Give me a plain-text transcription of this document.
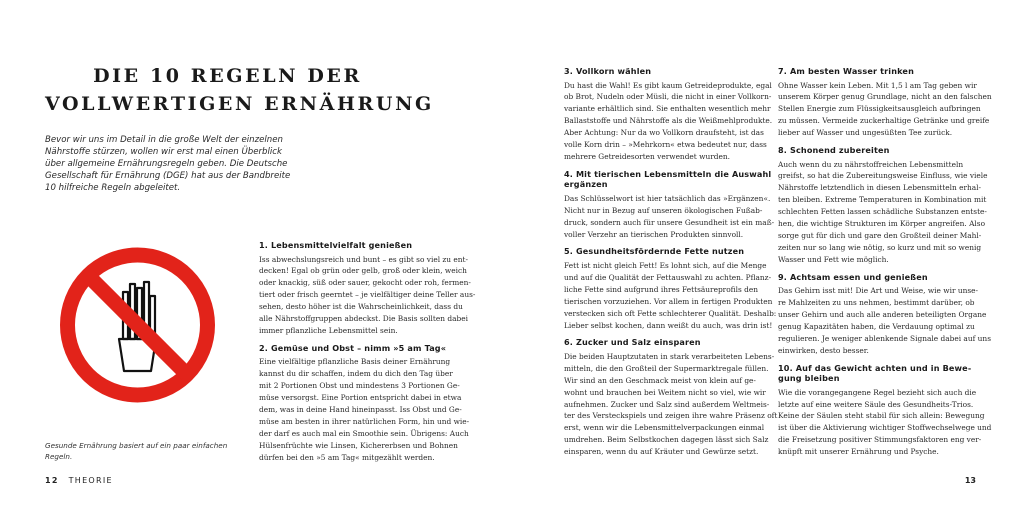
DIE 10 REGELN DER
VOLLWERTIGEN ERNÄHRUNG
Bevor wir uns im Detail in die große Welt der einzelnen
Nährstoffe stürzen, wollen wir erst mal einen Überblick
über allgemeine Ernährungsregeln geben. Die Deutsche
Gesellschaft für Ernährung (DGE) hat aus der Bandbreite
10 hilfreiche Regeln abgeleitet.
Gesunde Ernährung basiert auf ein paar einfachen
Regeln.
1. Lebensmittelvielfalt genießen
Iss abwechslungsreich und bunt – es gibt so viel zu ent-
decken! Egal ob grün oder gelb, groß oder klein, weich
oder knackig, süß oder sauer, gekocht oder roh, fermen-
tiert oder frisch geerntet – je vielfältiger deine Teller aus-
sehen, desto höher ist die Wahrscheinlichkeit, dass du
alle Nährstoffgruppen abdeckst. Die Basis sollten dabei
immer pflanzliche Lebensmittel sein.
2. Gemüse und Obst – nimm »5 am Tag«
Eine vielfältige pflanzliche Basis deiner Ernährung
kannst du dir schaffen, indem du dich den Tag über
mit 2 Portionen Obst und mindestens 3 Portionen Ge-
müse versorgst. Eine Portion entspricht dabei in etwa
dem, was in deine Hand hineinpasst. Iss Obst und Ge-
müse am besten in ihrer natürlichen Form, hin und wie-
der darf es auch mal ein Smoothie sein. Übrigens: Auch
Hülsenfrüchte wie Linsen, Kichererbsen und Bohnen
dürfen bei den »5 am Tag« mitgezählt werden.
3. Vollkorn wählen
Du hast die Wahl! Es gibt kaum Getreideprodukte, egal
ob Brot, Nudeln oder Müsli, die nicht in einer Vollkorn-
variante erhältlich sind. Sie enthalten wesentlich mehr
Ballaststoffe und Nährstoffe als die Weißmehlprodukte.
Aber Achtung: Nur da wo Vollkorn draufsteht, ist das
volle Korn drin – »Mehrkorn« etwa bedeutet nur, dass
mehrere Getreidesorten verwendet wurden.
4. Mit tierischen Lebensmitteln die Auswahl
ergänzen
Das Schlüsselwort ist hier tatsächlich das »Ergänzen«.
Nicht nur in Bezug auf unseren ökologischen Fußab-
druck, sondern auch für unsere Gesundheit ist ein maß-
voller Verzehr an tierischen Produkten sinnvoll.
5. Gesundheitsfördernde Fette nutzen
Fett ist nicht gleich Fett! Es lohnt sich, auf die Menge
und auf die Qualität der Fettauswahl zu achten. Pflanz-
liche Fette sind aufgrund ihres Fettsäureprofils den
tierischen vorzuziehen. Vor allem in fertigen Produkten
verstecken sich oft Fette schlechterer Qualität. Deshalb:
Lieber selbst kochen, dann weißt du auch, was drin ist!
6. Zucker und Salz einsparen
Die beiden Hauptzutaten in stark verarbeiteten Lebens-
mitteln, die den Großteil der Supermarktregale füllen.
Wir sind an den Geschmack meist von klein auf ge-
wohnt und brauchen bei Weitem nicht so viel, wie wir
aufnehmen. Zucker und Salz sind außerdem Weltmeis-
ter des Versteckspiels und zeigen ihre wahre Präsenz oft
erst, wenn wir die Lebensmittelverpackungen einmal
umdrehen. Beim Selbstkochen dagegen lässt sich Salz
einsparen, wenn du auf Kräuter und Gewürze setzt.
7. Am besten Wasser trinken
Ohne Wasser kein Leben. Mit 1,5 l am Tag geben wir
unserem Körper genug Grundlage, nicht an den falschen
Stellen Energie zum Flüssigkeitsausgleich aufbringen
zu müssen. Vermeide zuckerhaltige Getränke und greife
lieber auf Wasser und ungesüßten Tee zurück.
8. Schonend zubereiten
Auch wenn du zu nährstoffreichen Lebensmitteln
greifst, so hat die Zubereitungsweise Einfluss, wie viele
Nährstoffe letztendlich in diesen Lebensmitteln erhal-
ten bleiben. Extreme Temperaturen in Kombination mit
schlechten Fetten lassen schädliche Substanzen entste-
hen, die wichtige Strukturen im Körper angreifen. Also
sorge gut für dich und gare den Großteil deiner Mahl-
zeiten nur so lang wie nötig, so kurz und mit so wenig
Wasser und Fett wie möglich.
9. Achtsam essen und genießen
Das Gehirn isst mit! Die Art und Weise, wie wir unse-
re Mahlzeiten zu uns nehmen, bestimmt darüber, ob
unser Gehirn und auch alle anderen beteiligten Organe
genug Kapazitäten haben, die Verdauung optimal zu
regulieren. Je weniger ablenkende Signale dabei auf uns
einwirken, desto besser.
10. Auf das Gewicht achten und in Bewe-
gung bleiben
Wie die vorangegangene Regel bezieht sich auch die
letzte auf eine weitere Säule des Gesundheits-Trios.
Keine der Säulen steht stabil für sich allein: Bewegung
ist über die Aktivierung wichtiger Stoffwechselwege und
die Freisetzung positiver Stimmungsfaktoren eng ver-
knüpft mit unserer Ernährung und Psyche.
12 THEORIE	13
